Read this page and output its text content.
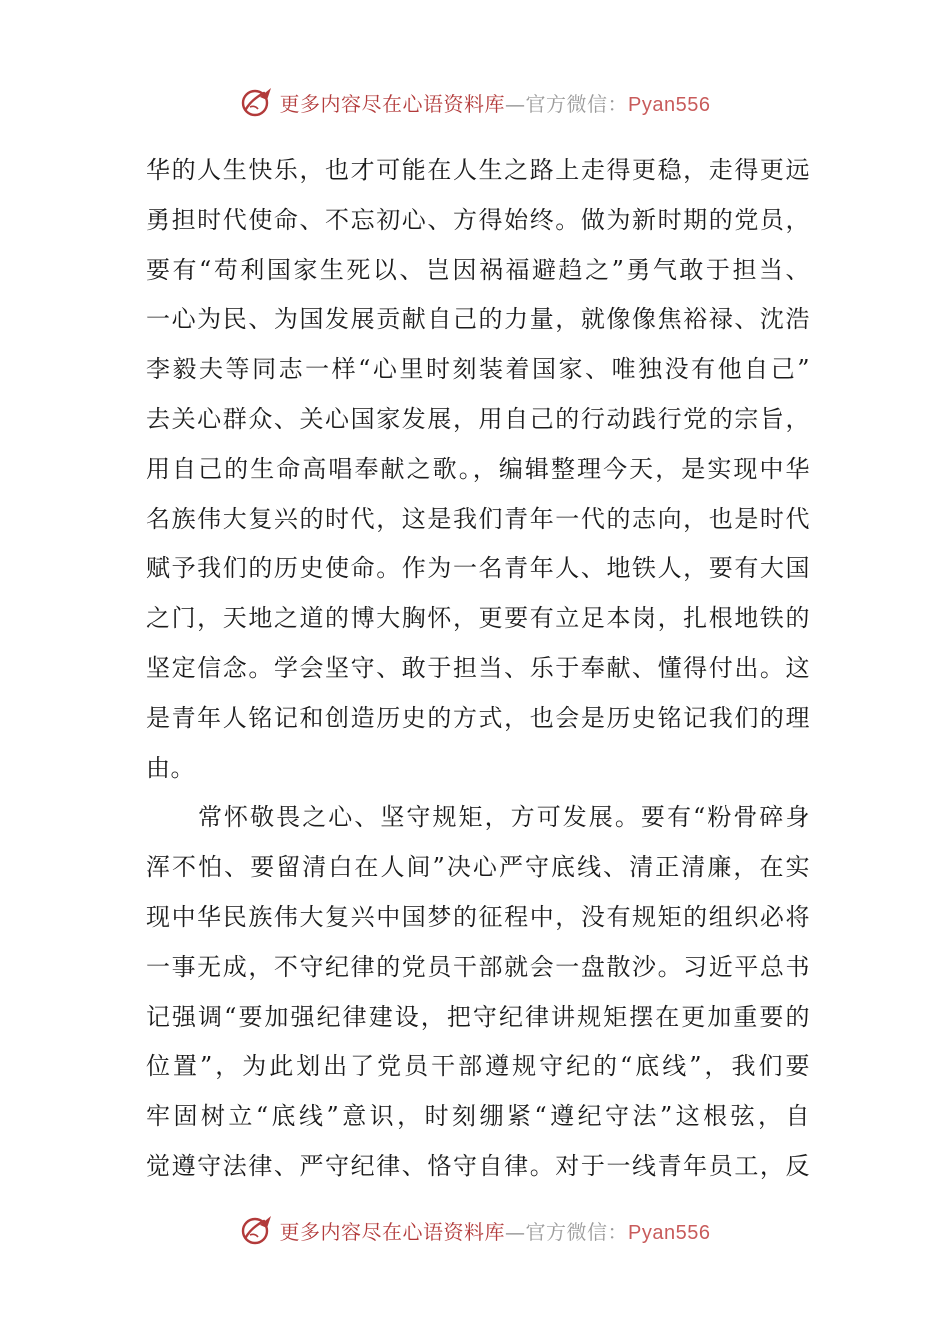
更多内容尽在心语资料库—官方微信：Pyan556
华的人生快乐，也才可能在人生之路上走得更稳，走得更远
勇担时代使命、不忘初心、方得始终。做为新时期的党员，
要有“苟利国家生死以、岂因祸福避趋之”勇气敢于担当、
一心为民、为国发展贡献自己的力量，就像像焦裕禄、沈浩
李毅夫等同志一样“心里时刻装着国家、唯独没有他自己”
去关心群众、关心国家发展，用自己的行动践行党的宗旨，
用自己的生命高唱奉献之歌。，编辑整理今天，是实现中华
名族伟大复兴的时代，这是我们青年一代的志向，也是时代
赋予我们的历史使命。作为一名青年人、地铁人，要有大国
之门，天地之道的博大胸怀，更要有立足本岗，扎根地铁的
坚定信念。学会坚守、敢于担当、乐于奉献、懂得付出。这
是青年人铭记和创造历史的方式，也会是历史铭记我们的理
由。
常怀敬畏之心、坚守规矩，方可发展。要有“粉骨碎身
浑不怕、要留清白在人间”决心严守底线、清正清廉，在实
现中华民族伟大复兴中国梦的征程中，没有规矩的组织必将
一事无成，不守纪律的党员干部就会一盘散沙。习近平总书
记强调“要加强纪律建设，把守纪律讲规矩摆在更加重要的
位置”，为此划出了党员干部遵规守纪的“底线”，我们要
牢固树立“底线”意识，时刻绷紧“遵纪守法”这根弦，自
觉遵守法律、严守纪律、恪守自律。对于一线青年员工，反
更多内容尽在心语资料库—官方微信：Pyan556
